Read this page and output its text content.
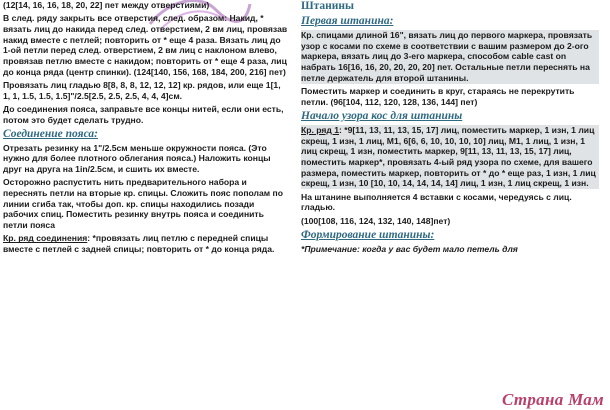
(12[14, 16, 16, 18, 20, 22] пет между отверстиями)

В след. ряду закрыть все отверстия, след. образом: Накид, * вязать лиц до накида перед след. отверстием, 2 вм лиц, провязав накид вместе с петлей; повторить от * еще 4 раза. Вязать лиц до 1-ой петли перед след. отверстием, 2 вм лиц с наклоном влево, провязав петлю вместе с накидом; повторить от * еще 4 раза, лиц до конца ряда (центр спинки). (124[140, 156, 168, 184, 200, 216] пет)

Провязать лиц гладью 8[8, 8, 8, 12, 12, 12] кр. рядов, или еще 1[1, 1, 1, 1.5, 1.5, 1.5]"/2.5[2.5, 2.5, 2.5, 4, 4, 4]см.

До соединения пояса, заправьте все концы нитей, если они есть, потом это будет сделать трудно.

Соединение пояса:

Отрезать резинку на 1"/2.5см меньше окружности пояса. (Это нужно для более плотного облегания пояса.) Наложить концы друг на друга на 1in/2.5см, и сшить их вместе.

Осторожно распустить нить предварительного набора и переснять петли на вторые кр. спицы. Сложить пояс пополам по линии сгиба так, чтобы доп. кр. спицы находились позади рабочих спиц. Поместить резинку внутрь пояса и соединить петли пояса

Кр. ряд соединения: *провязать лиц петлю с передней спицы вместе с петлей с задней спицы; повторить от * до конца ряда.

Штанины

Первая штанина:

Кр. спицами длиной 16", вязать лиц до первого маркера, провязать узор с косами по схеме в соответствии с вашим размером до 2-ого маркера, вязать лиц до 3-его маркера, способом cable cast on набрать 16[16, 16, 20, 20, 20, 20] пет. Остальные петли переснять на петле держатель для второй штанины.

Поместить маркер и соединить в круг, стараясь не перекрутить петли. (96[104, 112, 120, 128, 136, 144] пет)

Начало узора кос для штанины

Кр. ряд 1: *9[11, 13, 11, 13, 15, 17] лиц, поместить маркер, 1 изн, 1 лиц скрещ, 1 изн, 1 лиц, М1, 6[6, 6, 10, 10, 10, 10] лиц, М1, 1 лиц, 1 изн, 1 лиц скрещ, 1 изн, поместить маркер, 9[11, 13, 11, 13, 15, 17] лиц, поместить маркер*, провязать 4-ый ряд узора по схеме, для вашего размера, поместить маркер, повторить от * до * еще раз, 1 изн, 1 лиц скрещ, 1 изн, 10 [10, 10, 14, 14, 14, 14] лиц, 1 изн, 1 лиц скрещ, 1 изн.

На штанине выполняется 4 вставки с косами, чередуясь с лиц. гладью.

(100[108, 116, 124, 132, 140, 148]пет)

Формирование штанины:

*Примечание: когда у вас будет мало петель для

Страна Мам
